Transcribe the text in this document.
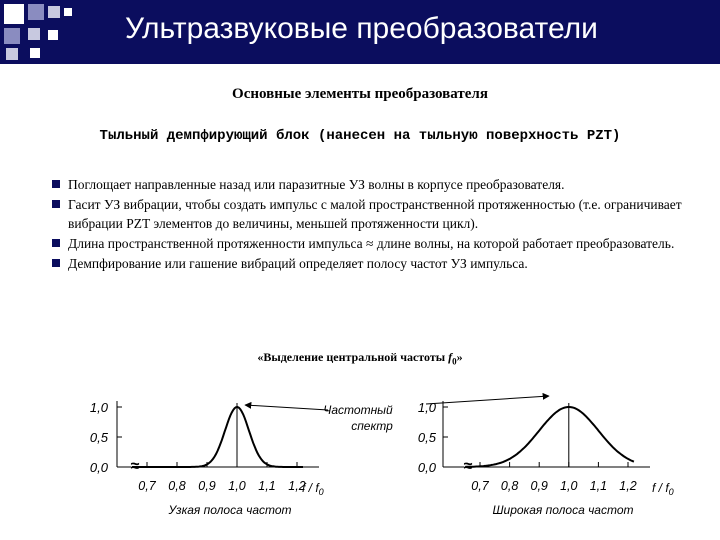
Ультразвуковые преобразователи
Основные элементы преобразователя
Тыльный демпфирующий блок (нанесен на тыльную поверхность PZT)
Поглощает направленные назад или паразитные УЗ волны в корпусе преобразователя.
Гасит УЗ вибрации, чтобы создать импульс с малой пространственной протяженностью (т.е. ограничивает вибрации PZT элементов до величины, меньшей протяженности цикл).
Длина пространственной протяженности импульса ≈ длине волны, на которой работает преобразователь.
Демпфирование или гашение вибраций определяет полосу частот УЗ импульса.
«Выделение центральной частоты $f_0$»
1,0
0,5
0,0 ≈
0,7 0,8 0,9 1,0 1,1 1,2
f / $f_0$
Узкая полоса частот
1,0
0,5
0,0 ≈
0,7 0,8 0,9 1,0 1,1 1,2 f / $f_0$
Широкая полоса частот
Частотный
спектр
